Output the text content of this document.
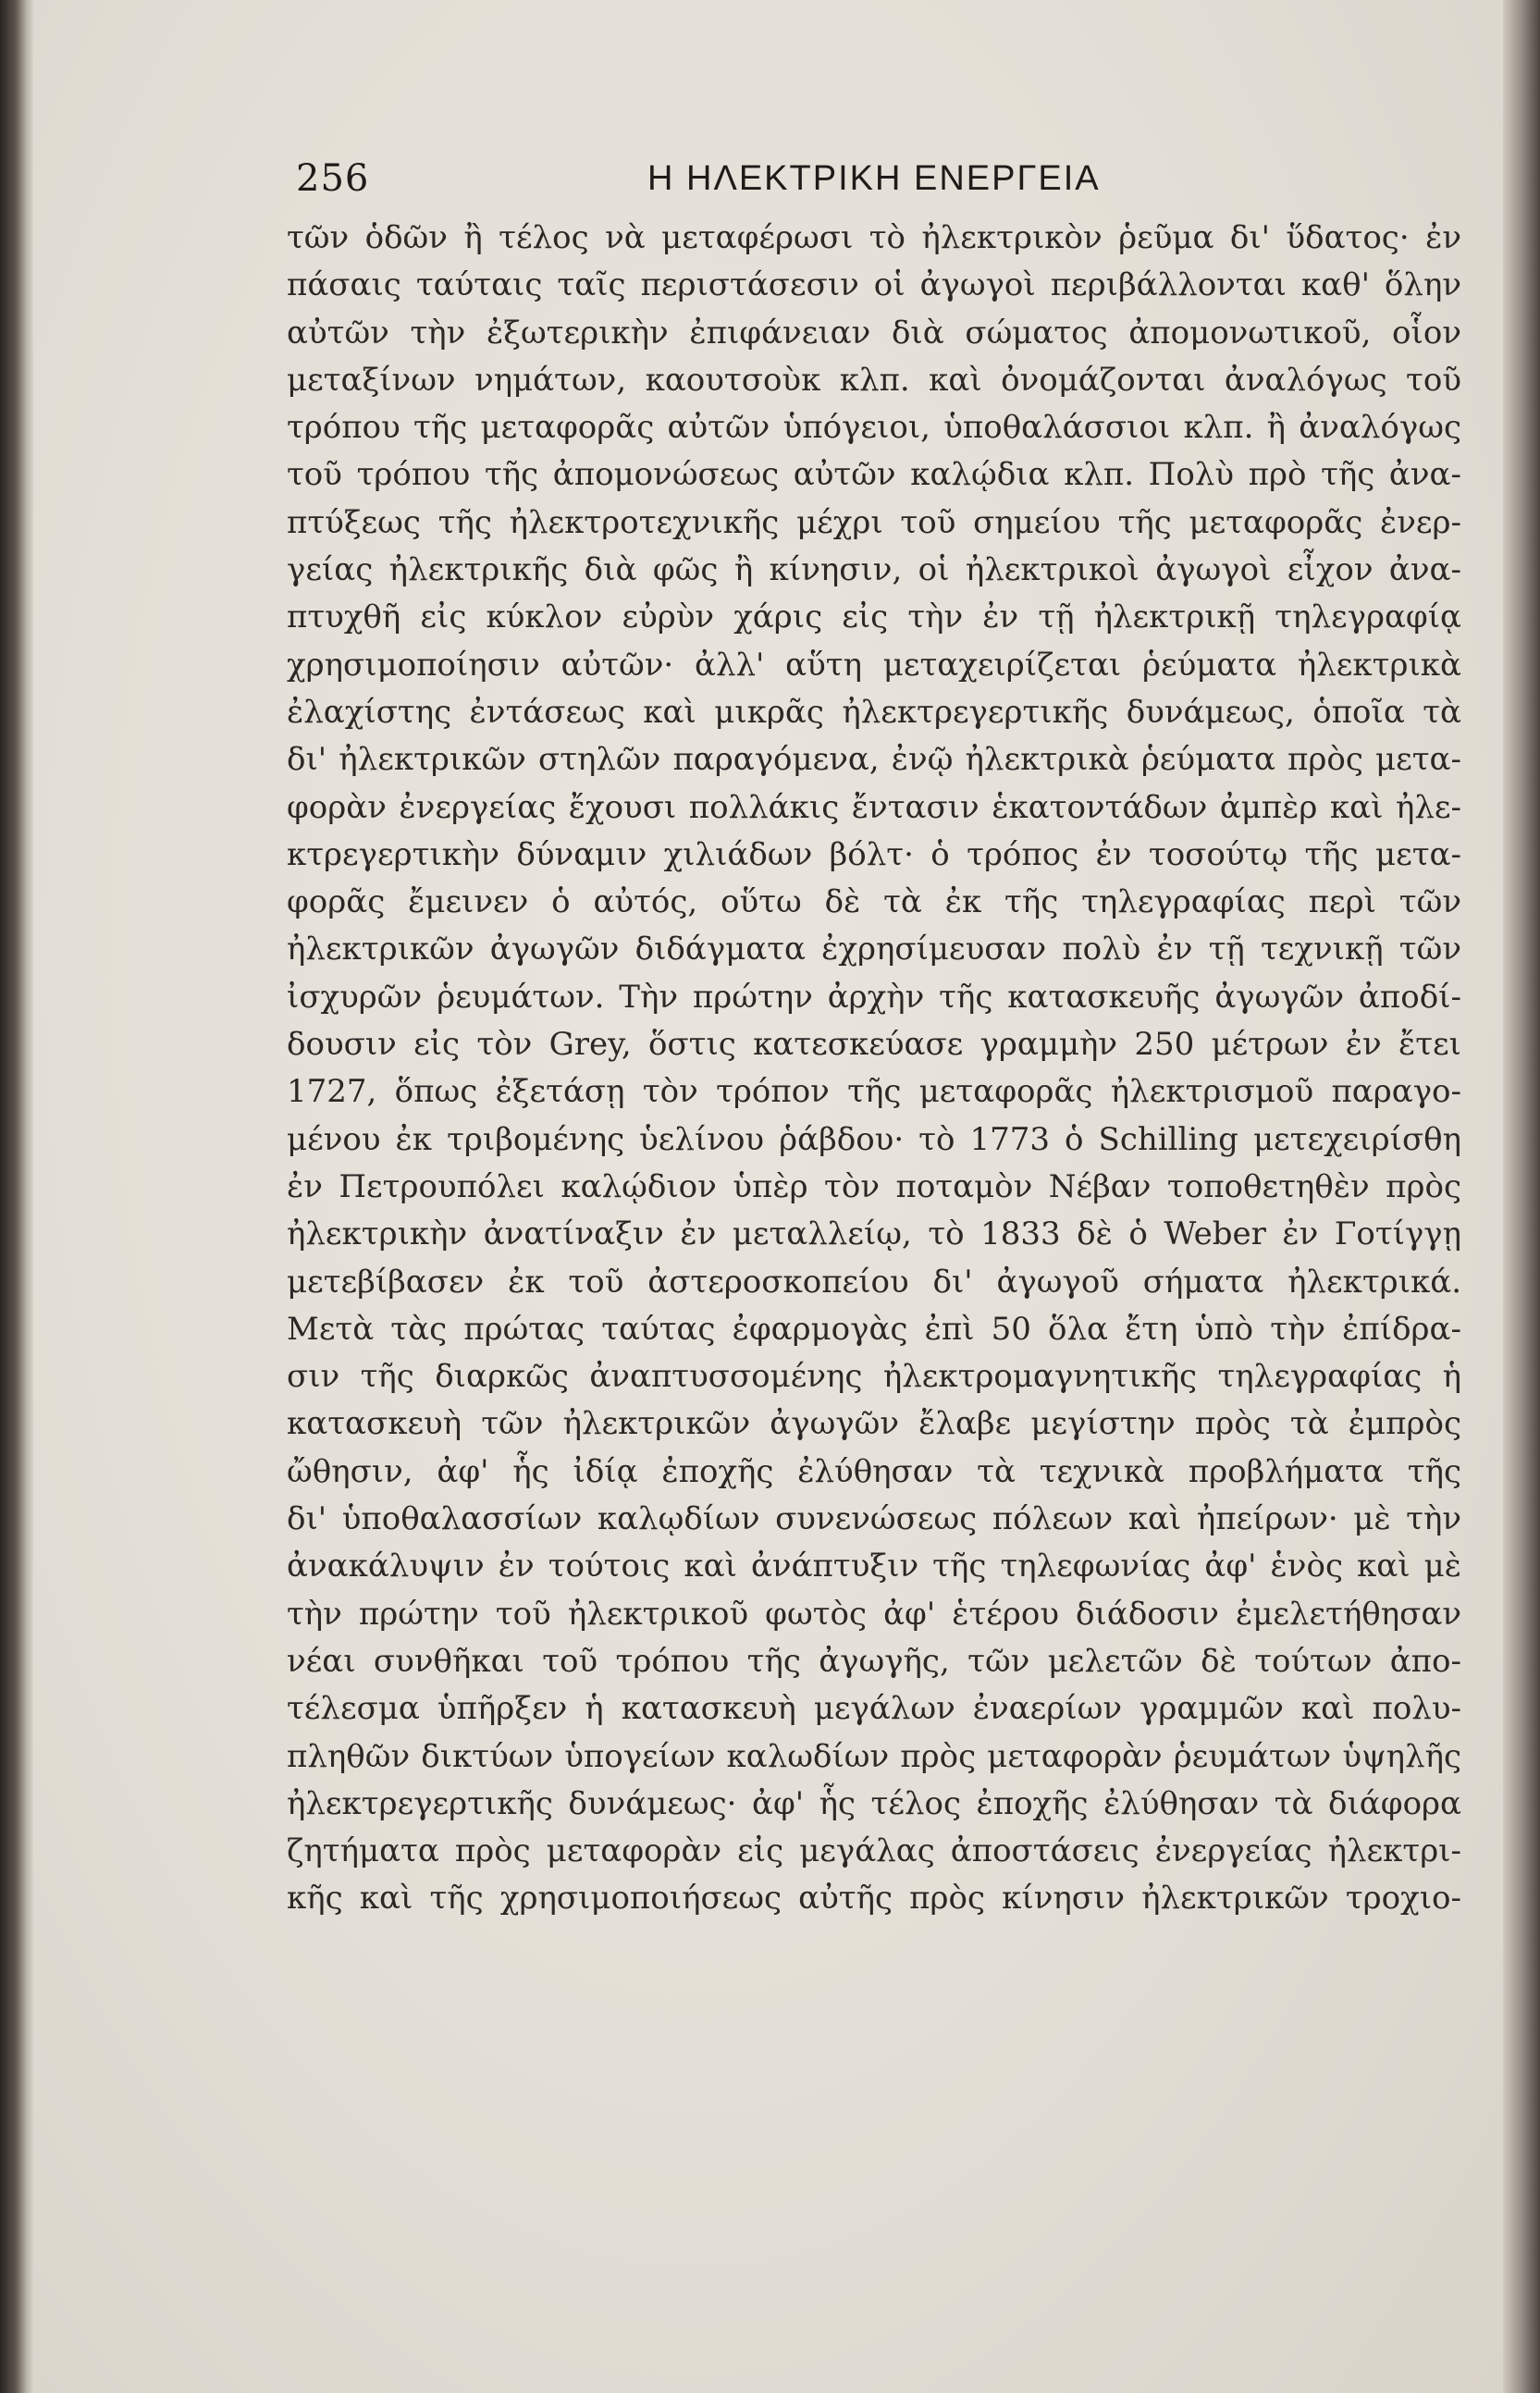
256	Η ΗΛΕΚΤΡΙΚΗ ΕΝΕΡΓΕΙΑ
τῶν ὁδῶν ἢ τέλος νὰ μεταφέρωσι τὸ ἠλεκτρικὸν ῥεῦμα δι' ὕδατος· ἐν
πάσαις ταύταις ταῖς περιστάσεσιν οἱ ἀγωγοὶ περιβάλλονται καθ' ὅλην
αὐτῶν τὴν ἐξωτερικὴν ἐπιφάνειαν διὰ σώματος ἀπομονωτικοῦ, οἷον
μεταξίνων νημάτων, καουτσοὺκ κλπ. καὶ ὀνομάζονται ἀναλόγως τοῦ
τρόπου τῆς μεταφορᾶς αὐτῶν ὑπόγειοι, ὑποθαλάσσιοι κλπ. ἢ ἀναλόγως
τοῦ τρόπου τῆς ἀπομονώσεως αὐτῶν καλῴδια κλπ. Πολὺ πρὸ τῆς ἀνα-
πτύξεως τῆς ἠλεκτροτεχνικῆς μέχρι τοῦ σημείου τῆς μεταφορᾶς ἐνερ-
γείας ἠλεκτρικῆς διὰ φῶς ἢ κίνησιν, οἱ ἠλεκτρικοὶ ἀγωγοὶ εἶχον ἀνα-
πτυχθῆ εἰς κύκλον εὐρὺν χάρις εἰς τὴν ἐν τῇ ἠλεκτρικῇ τηλεγραφίᾳ
χρησιμοποίησιν αὐτῶν· ἀλλ' αὕτη μεταχειρίζεται ῥεύματα ἠλεκτρικὰ
ἐλαχίστης ἐντάσεως καὶ μικρᾶς ἠλεκτρεγερτικῆς δυνάμεως, ὁποῖα τὰ
δι' ἠλεκτρικῶν στηλῶν παραγόμενα, ἐνῷ ἠλεκτρικὰ ῥεύματα πρὸς μετα-
φορὰν ἐνεργείας ἔχουσι πολλάκις ἔντασιν ἑκατοντάδων ἀμπὲρ καὶ ἠλε-
κτρεγερτικὴν δύναμιν χιλιάδων βόλτ· ὁ τρόπος ἐν τοσούτῳ τῆς μετα-
φορᾶς ἔμεινεν ὁ αὐτός, οὕτω δὲ τὰ ἐκ τῆς τηλεγραφίας περὶ τῶν
ἠλεκτρικῶν ἀγωγῶν διδάγματα ἐχρησίμευσαν πολὺ ἐν τῇ τεχνικῇ τῶν
ἰσχυρῶν ῥευμάτων. Τὴν πρώτην ἀρχὴν τῆς κατασκευῆς ἀγωγῶν ἀποδί-
δουσιν εἰς τὸν Grey, ὅστις κατεσκεύασε γραμμὴν 250 μέτρων ἐν ἔτει
1727, ὅπως ἐξετάσῃ τὸν τρόπον τῆς μεταφορᾶς ἠλεκτρισμοῦ παραγο-
μένου ἐκ τριβομένης ὑελίνου ῥάβδου· τὸ 1773 ὁ Schilling μετεχειρίσθη
ἐν Πετρουπόλει καλῴδιον ὑπὲρ τὸν ποταμὸν Νέβαν τοποθετηθὲν πρὸς
ἠλεκτρικὴν ἀνατίναξιν ἐν μεταλλείῳ, τὸ 1833 δὲ ὁ Weber ἐν Γοτίγγῃ
μετεβίβασεν ἐκ τοῦ ἀστεροσκοπείου δι' ἀγωγοῦ σήματα ἠλεκτρικά.
Μετὰ τὰς πρώτας ταύτας ἐφαρμογὰς ἐπὶ 50 ὅλα ἔτη ὑπὸ τὴν ἐπίδρα-
σιν τῆς διαρκῶς ἀναπτυσσομένης ἠλεκτρομαγνητικῆς τηλεγραφίας ἡ
κατασκευὴ τῶν ἠλεκτρικῶν ἀγωγῶν ἔλαβε μεγίστην πρὸς τὰ ἐμπρὸς
ὤθησιν, ἀφ' ἧς ἰδίᾳ ἐποχῆς ἐλύθησαν τὰ τεχνικὰ προβλήματα τῆς
δι' ὑποθαλασσίων καλῳδίων συνενώσεως πόλεων καὶ ἠπείρων· μὲ τὴν
ἀνακάλυψιν ἐν τούτοις καὶ ἀνάπτυξιν τῆς τηλεφωνίας ἀφ' ἑνὸς καὶ μὲ
τὴν πρώτην τοῦ ἠλεκτρικοῦ φωτὸς ἀφ' ἑτέρου διάδοσιν ἐμελετήθησαν
νέαι συνθῆκαι τοῦ τρόπου τῆς ἀγωγῆς, τῶν μελετῶν δὲ τούτων ἀπο-
τέλεσμα ὑπῆρξεν ἡ κατασκευὴ μεγάλων ἐναερίων γραμμῶν καὶ πολυ-
πληθῶν δικτύων ὑπογείων καλωδίων πρὸς μεταφορὰν ῥευμάτων ὑψηλῆς
ἠλεκτρεγερτικῆς δυνάμεως· ἀφ' ἧς τέλος ἐποχῆς ἐλύθησαν τὰ διάφορα
ζητήματα πρὸς μεταφορὰν εἰς μεγάλας ἀποστάσεις ἐνεργείας ἠλεκτρι-
κῆς καὶ τῆς χρησιμοποιήσεως αὐτῆς πρὸς κίνησιν ἠλεκτρικῶν τροχιο-
